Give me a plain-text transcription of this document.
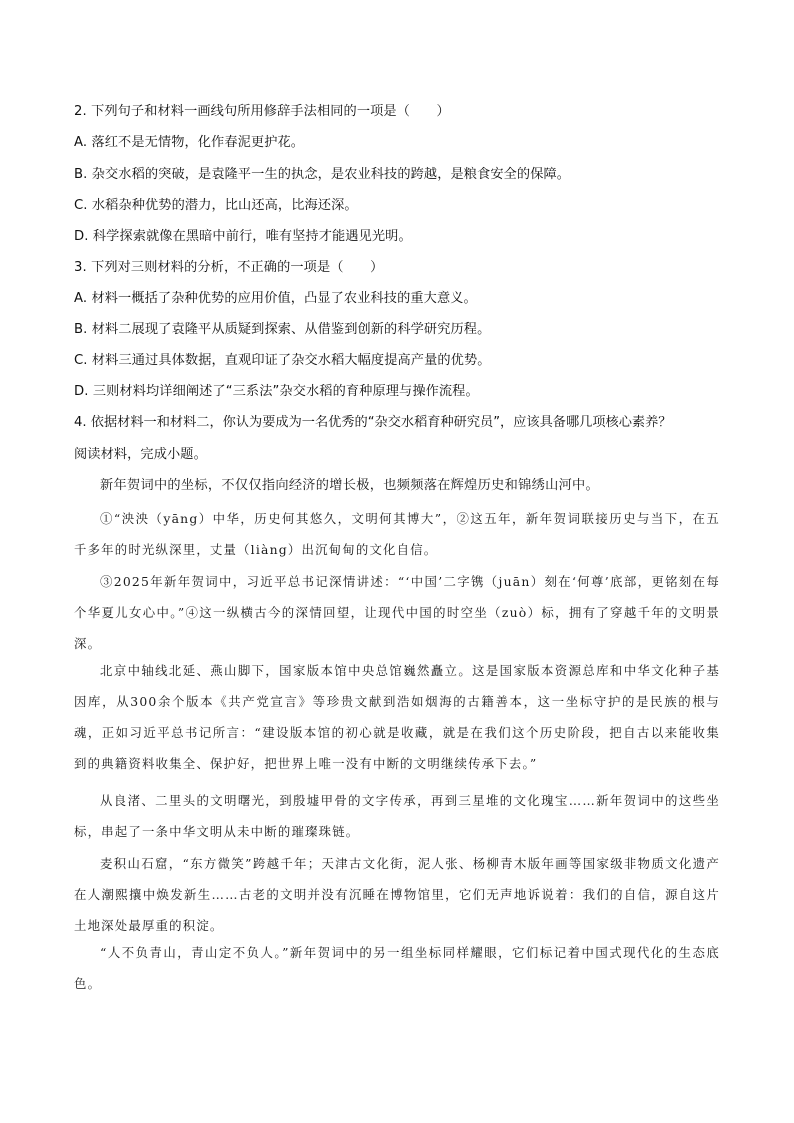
2. 下列句子和材料一画线句所用修辞手法相同的一项是（　　）
A. 落红不是无情物，化作春泥更护花。
B. 杂交水稻的突破，是袁隆平一生的执念，是农业科技的跨越，是粮食安全的保障。
C. 水稻杂种优势的潜力，比山还高，比海还深。
D. 科学探索就像在黑暗中前行，唯有坚持才能遇见光明。
3. 下列对三则材料的分析，不正确的一项是（　　）
A. 材料一概括了杂种优势的应用价值，凸显了农业科技的重大意义。
B. 材料二展现了袁隆平从质疑到探索、从借鉴到创新的科学研究历程。
C. 材料三通过具体数据，直观印证了杂交水稻大幅度提高产量的优势。
D. 三则材料均详细阐述了“三系法”杂交水稻的育种原理与操作流程。
4. 依据材料一和材料二，你认为要成为一名优秀的“杂交水稻育种研究员”，应该具备哪几项核心素养？
阅读材料，完成小题。
新年贺词中的坐标，不仅仅指向经济的增长极，也频频落在辉煌历史和锦绣山河中。
①“泱泱（yāng）中华，历史何其悠久，文明何其博大”，②这五年，新年贺词联接历史与当下，在五千多年的时光纵深里，丈量（liàng）出沉甸甸的文化自信。
③2025年新年贺词中，习近平总书记深情讲述：“‘中国’二字镌（juān）刻在‘何尊’底部，更铭刻在每个华夏儿女心中。”④这一纵横古今的深情回望，让现代中国的时空坐（zuò）标，拥有了穿越千年的文明景深。
北京中轴线北延、燕山脚下，国家版本馆中央总馆巍然矗立。这是国家版本资源总库和中华文化种子基因库，从300余个版本《共产党宣言》等珍贵文献到浩如烟海的古籍善本，这一坐标守护的是民族的根与魂，正如习近平总书记所言：“建设版本馆的初心就是收藏，就是在我们这个历史阶段，把自古以来能收集到的典籍资料收集全、保护好，把世界上唯一没有中断的文明继续传承下去。”
从良渚、二里头的文明曙光，到殷墟甲骨的文字传承，再到三星堆的文化瑰宝……新年贺词中的这些坐标，串起了一条中华文明从未中断的璀璨珠链。
麦积山石窟，“东方微笑”跨越千年；天津古文化街，泥人张、杨柳青木版年画等国家级非物质文化遗产在人潮熙攘中焕发新生……古老的文明并没有沉睡在博物馆里，它们无声地诉说着：我们的自信，源自这片土地深处最厚重的积淀。
“人不负青山，青山定不负人。”新年贺词中的另一组坐标同样耀眼，它们标记着中国式现代化的生态底色。
